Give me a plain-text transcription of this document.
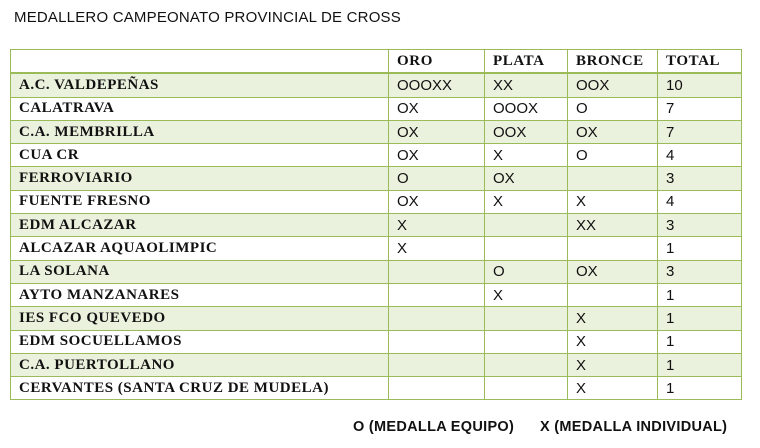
MEDALLERO CAMPEONATO PROVINCIAL DE CROSS
	ORO	PLATA	BRONCE	TOTAL
A.C. VALDEPEÑAS	OOOXX	XX	OOX	10
CALATRAVA	OX	OOOX	O	7
C.A. MEMBRILLA	OX	OOX	OX	7
CUA CR	OX	X	O	4
FERROVIARIO	O	OX		3
FUENTE FRESNO	OX	X	X	4
EDM ALCAZAR	X		XX	3
ALCAZAR AQUAOLIMPIC	X			1
LA SOLANA		O	OX	3
AYTO MANZANARES		X		1
IES FCO QUEVEDO			X	1
EDM SOCUELLAMOS			X	1
C.A. PUERTOLLANO			X	1
CERVANTES (SANTA CRUZ DE MUDELA)			X	1
O (MEDALLA EQUIPO) X (MEDALLA INDIVIDUAL)
